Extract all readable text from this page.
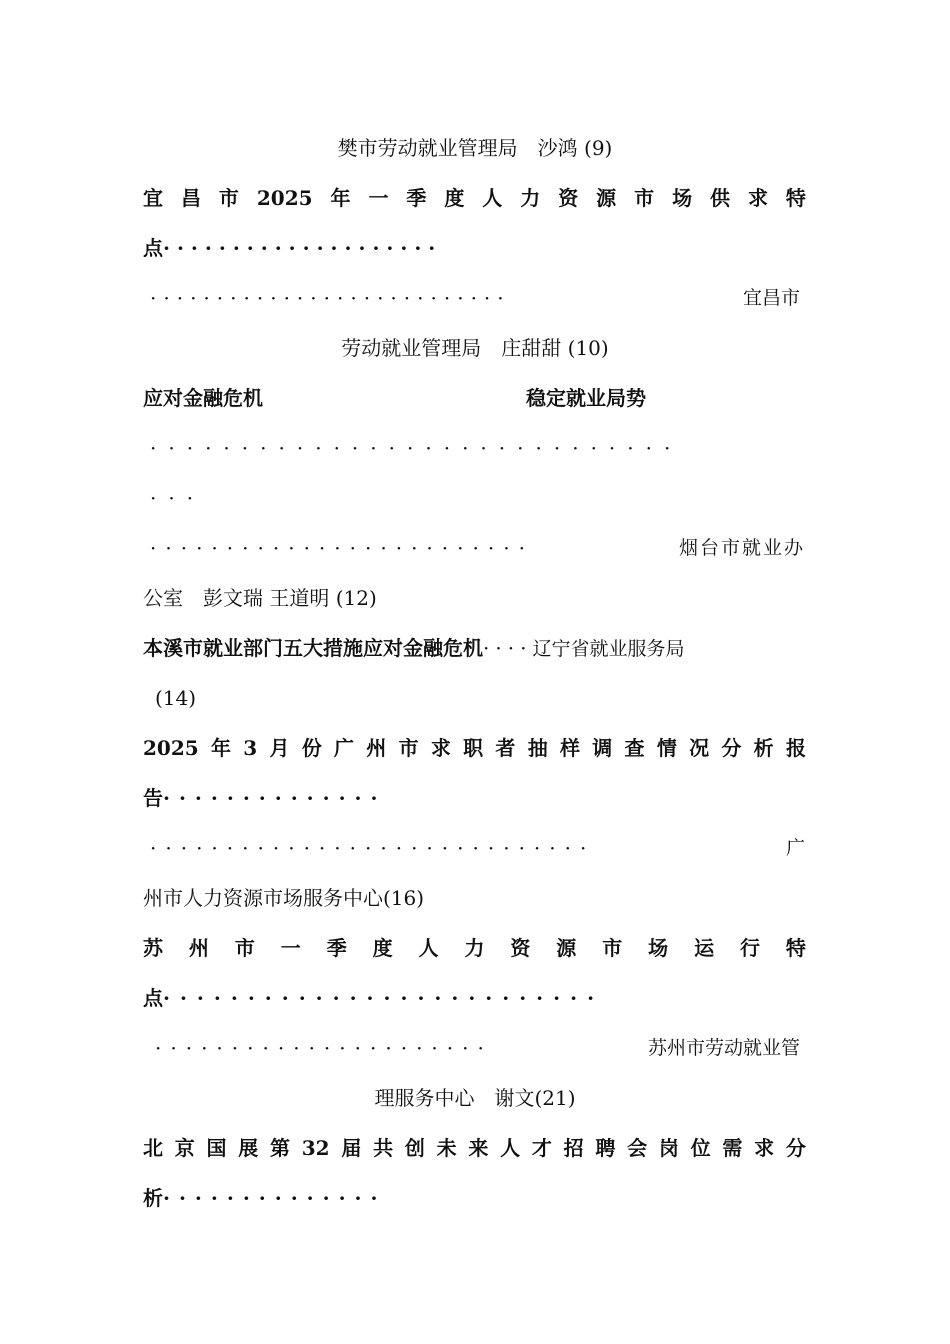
樊市劳动就业管理局　沙鸿 (9)
宜 昌 市 2025 年 一 季 度 人 力 资 源 市 场 供 求 特
点····················
···························	宜昌市
劳动就业管理局　庄甜甜 (10)
应对金融危机	稳定就业局势
·····························
···
·························	烟台市就业办
公室　彭文瑞 王道明 (12)
本溪市就业部门五大措施应对金融危机····辽宁省就业服务局
(14)
2025 年 3 月 份 广 州 市 求 职 者 抽 样 调 查 情 况 分 析 报
告··············
·····························	广
州市人力资源市场服务中心(16)
苏 州 市 一 季 度 人 力 资 源 市 场 运 行 特
点··························
······················	苏州市劳动就业管
理服务中心　谢文(21)
北 京 国 展 第 32 届 共 创 未 来 人 才 招 聘 会 岗 位 需 求 分
析··············
